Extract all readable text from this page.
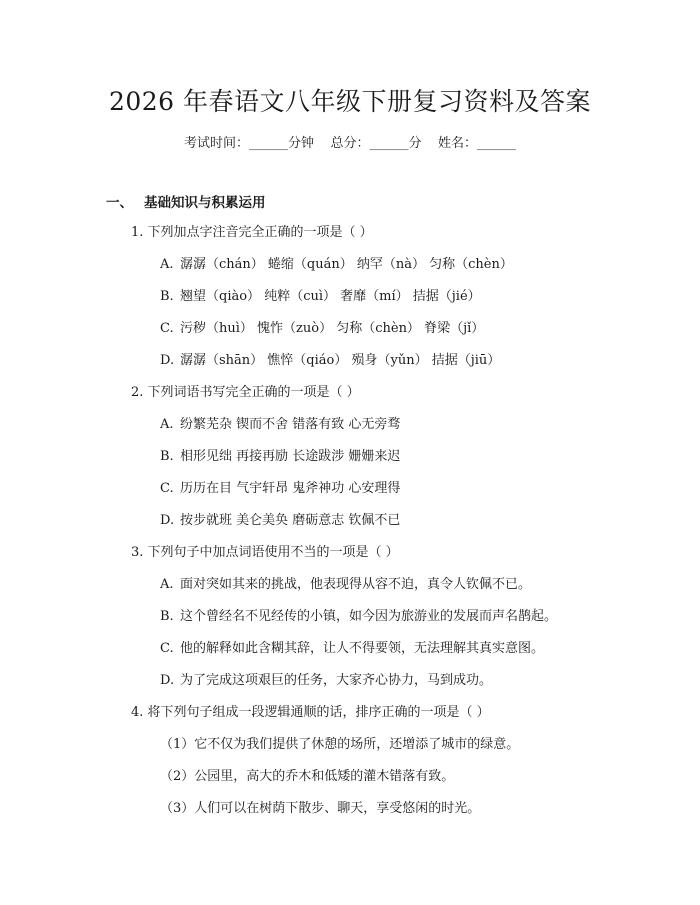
2026 年春语文八年级下册复习资料及答案
考试时间：______分钟    总分：______分    姓名：______
一、 基础知识与积累运用
1. 下列加点字注音完全正确的一项是（ ）
A. 潺潺（chán） 蜷缩（quán） 纳罕（nà） 匀称（chèn）
B. 翘望（qiào） 纯粹（cuì） 奢靡（mí） 拮据（jié）
C. 污秽（huì） 愧怍（zuò） 匀称（chèn） 脊梁（jǐ）
D. 潺潺（shān） 憔悴（qiáo） 殒身（yǔn） 拮据（jiū）
2. 下列词语书写完全正确的一项是（ ）
A. 纷繁芜杂 锲而不舍 错落有致 心无旁骛
B. 相形见绌 再接再励 长途跋涉 姗姗来迟
C. 历历在目 气宇轩昂 鬼斧神功 心安理得
D. 按步就班 美仑美奂 磨砺意志 钦佩不已
3. 下列句子中加点词语使用不当的一项是（ ）
A. 面对突如其来的挑战，他表现得从容不迫，真令人钦佩不已。
B. 这个曾经名不见经传的小镇，如今因为旅游业的发展而声名鹊起。
C. 他的解释如此含糊其辞，让人不得要领，无法理解其真实意图。
D. 为了完成这项艰巨的任务，大家齐心协力，马到成功。
4. 将下列句子组成一段逻辑通顺的话，排序正确的一项是（ ）
（1）它不仅为我们提供了休憩的场所，还增添了城市的绿意。
（2）公园里，高大的乔木和低矮的灌木错落有致。
（3）人们可以在树荫下散步、聊天，享受悠闲的时光。
